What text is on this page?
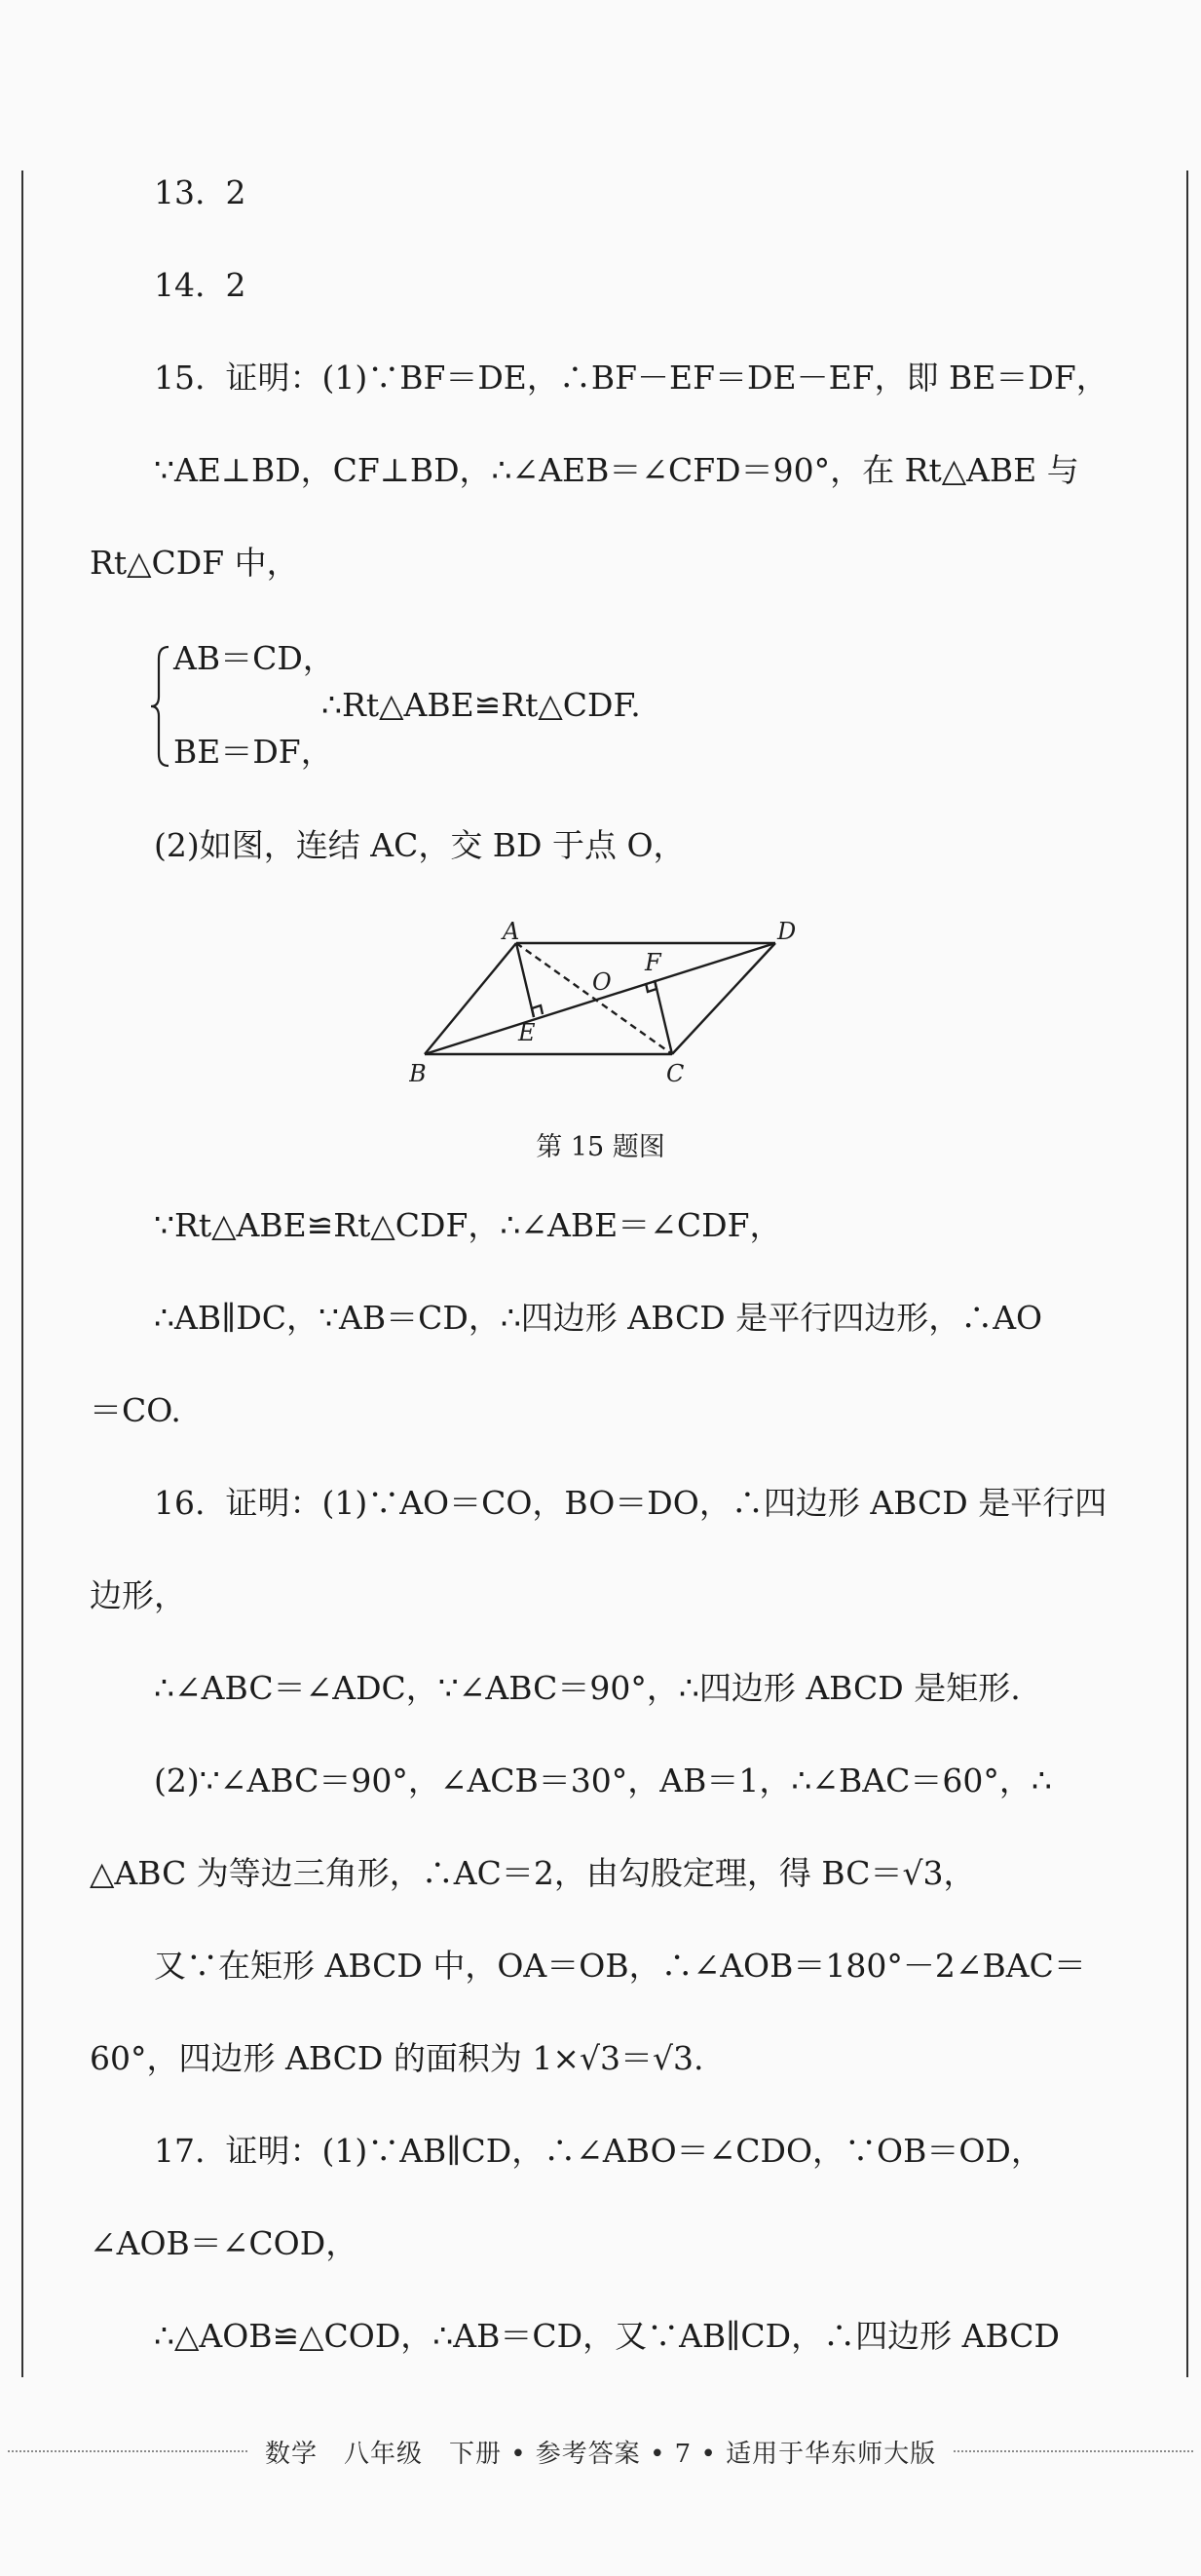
13.  2
14.  2
15.  证明：(1)∵BF＝DE，∴BF－EF＝DE－EF，即 BE＝DF，
∵AE⊥BD，CF⊥BD，∴∠AEB＝∠CFD＝90°，在 Rt△ABE 与
Rt△CDF 中，
AB＝CD，
BE＝DF，
∴Rt△ABE≌Rt△CDF.
(2)如图，连结 AC，交 BD 于点 O，
A	D
B	C
E
F
O
第 15 题图
∵Rt△ABE≌Rt△CDF，∴∠ABE＝∠CDF，
∴AB∥DC，∵AB＝CD，∴四边形 ABCD 是平行四边形，∴AO
＝CO.
16.  证明：(1)∵AO＝CO，BO＝DO，∴四边形 ABCD 是平行四
边形，
∴∠ABC＝∠ADC，∵∠ABC＝90°，∴四边形 ABCD 是矩形.
(2)∵∠ABC＝90°，∠ACB＝30°，AB＝1，∴∠BAC＝60°，∴
△ABC 为等边三角形，∴AC＝2，由勾股定理，得 BC＝√3，
又∵在矩形 ABCD 中，OA＝OB，∴∠AOB＝180°－2∠BAC＝
60°，四边形 ABCD 的面积为 1×√3＝√3.
17.  证明：(1)∵AB∥CD，∴∠ABO＝∠CDO，∵OB＝OD，
∠AOB＝∠COD，
∴△AOB≌△COD，∴AB＝CD，又∵AB∥CD，∴四边形 ABCD
数学　八年级　下册 • 参考答案 • 7 • 适用于华东师大版
